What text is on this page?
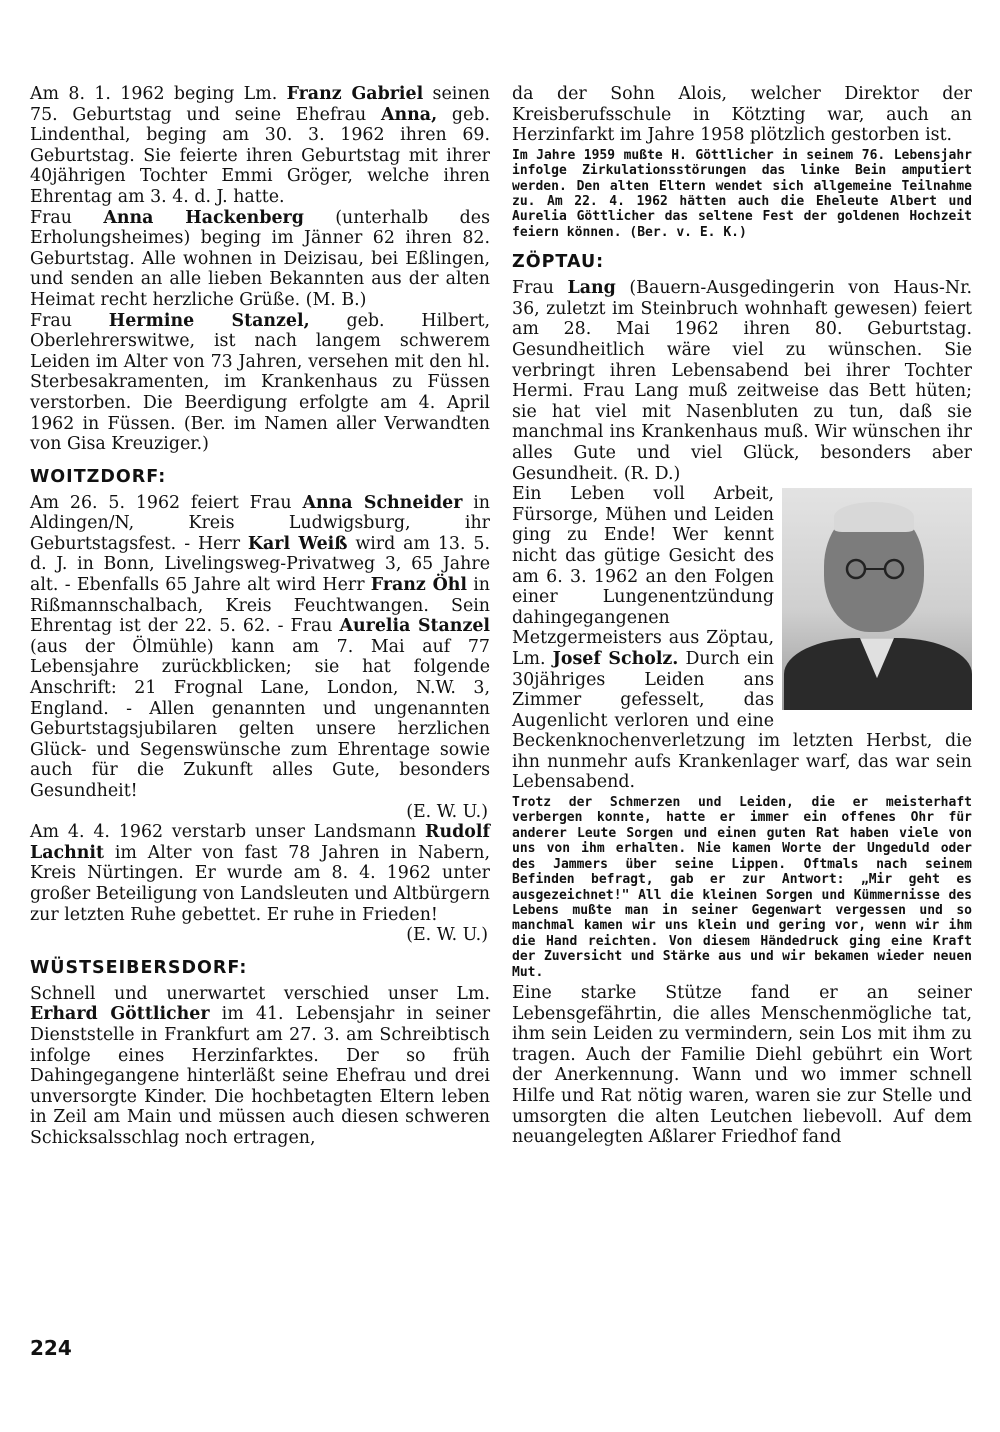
Am 8. 1. 1962 beging Lm. Franz Gabriel seinen 75. Geburtstag und seine Ehefrau Anna, geb. Lindenthal, beging am 30. 3. 1962 ihren 69. Geburtstag. Sie feierte ihren Geburtstag mit ihrer 40jährigen Tochter Emmi Gröger, welche ihren Ehrentag am 3. 4. d. J. hatte.

Frau Anna Hackenberg (unterhalb des Erholungsheimes) beging im Jänner 62 ihren 82. Geburtstag. Alle wohnen in Deizisau, bei Eßlingen, und senden an alle lieben Bekannten aus der alten Heimat recht herzliche Grüße. (M. B.)

Frau Hermine Stanzel, geb. Hilbert, Oberlehrerswitwe, ist nach langem schwerem Leiden im Alter von 73 Jahren, versehen mit den hl. Sterbesakramenten, im Krankenhaus zu Füssen verstorben. Die Beerdigung erfolgte am 4. April 1962 in Füssen. (Ber. im Namen aller Verwandten von Gisa Kreuziger.)

WOITZDORF:

Am 26. 5. 1962 feiert Frau Anna Schneider in Aldingen/N, Kreis Ludwigsburg, ihr Geburtstagsfest. - Herr Karl Weiß wird am 13. 5. d. J. in Bonn, Livelingsweg-Privatweg 3, 65 Jahre alt. - Ebenfalls 65 Jahre alt wird Herr Franz Öhl in Rißmannschalbach, Kreis Feuchtwangen. Sein Ehrentag ist der 22. 5. 62. - Frau Aurelia Stanzel (aus der Ölmühle) kann am 7. Mai auf 77 Lebensjahre zurückblicken; sie hat folgende Anschrift: 21 Frognal Lane, London, N.W. 3, England. - Allen genannten und ungenannten Geburtstagsjubilaren gelten unsere herzlichen Glück- und Segenswünsche zum Ehrentage sowie auch für die Zukunft alles Gute, besonders Gesundheit!

(E. W. U.)

Am 4. 4. 1962 verstarb unser Landsmann Rudolf Lachnit im Alter von fast 78 Jahren in Nabern, Kreis Nürtingen. Er wurde am 8. 4. 1962 unter großer Beteiligung von Landsleuten und Altbürgern zur letzten Ruhe gebettet. Er ruhe in Frieden!

(E. W. U.)

WÜSTSEIBERSDORF:

Schnell und unerwartet verschied unser Lm. Erhard Göttlicher im 41. Lebensjahr in seiner Dienststelle in Frankfurt am 27. 3. am Schreibtisch infolge eines Herzinfarktes. Der so früh Dahingegangene hinterläßt seine Ehefrau und drei unversorgte Kinder. Die hochbetagten Eltern leben in Zeil am Main und müssen auch diesen schweren Schicksalsschlag noch ertragen,

da der Sohn Alois, welcher Direktor der Kreisberufsschule in Kötzting war, auch an Herzinfarkt im Jahre 1958 plötzlich gestorben ist.

Im Jahre 1959 mußte H. Göttlicher in seinem 76. Lebensjahr infolge Zirkulationsstörungen das linke Bein amputiert werden. Den alten Eltern wendet sich allgemeine Teilnahme zu. Am 22. 4. 1962 hätten auch die Eheleute Albert und Aurelia Göttlicher das seltene Fest der goldenen Hochzeit feiern können. (Ber. v. E. K.)

ZÖPTAU:

Frau Lang (Bauern-Ausgedingerin von Haus-Nr. 36, zuletzt im Steinbruch wohnhaft gewesen) feiert am 28. Mai 1962 ihren 80. Geburtstag. Gesundheitlich wäre viel zu wünschen. Sie verbringt ihren Lebensabend bei ihrer Tochter Hermi. Frau Lang muß zeitweise das Bett hüten; sie hat viel mit Nasenbluten zu tun, daß sie manchmal ins Krankenhaus muß. Wir wünschen ihr alles Gute und viel Glück, besonders aber Gesundheit. (R. D.)

Ein Leben voll Arbeit, Fürsorge, Mühen und Leiden ging zu Ende! Wer kennt nicht das gütige Gesicht des am 6. 3. 1962 an den Folgen einer Lungenentzündung dahingegangenen Metzgermeisters aus Zöptau, Lm. Josef Scholz. Durch ein 30jähriges Leiden ans Zimmer gefesselt, das Augenlicht verloren und eine Beckenknochenverletzung im letzten Herbst, die ihn nunmehr aufs Krankenlager warf, das war sein Lebensabend.

Trotz der Schmerzen und Leiden, die er meisterhaft verbergen konnte, hatte er immer ein offenes Ohr für anderer Leute Sorgen und einen guten Rat haben viele von uns von ihm erhalten. Nie kamen Worte der Ungeduld oder des Jammers über seine Lippen. Oftmals nach seinem Befinden befragt, gab er zur Antwort: „Mir geht es ausgezeichnet!" All die kleinen Sorgen und Kümmernisse des Lebens mußte man in seiner Gegenwart vergessen und so manchmal kamen wir uns klein und gering vor, wenn wir ihm die Hand reichten. Von diesem Händedruck ging eine Kraft der Zuversicht und Stärke aus und wir bekamen wieder neuen Mut.

Eine starke Stütze fand er an seiner Lebensgefährtin, die alles Menschenmögliche tat, ihm sein Leiden zu vermindern, sein Los mit ihm zu tragen. Auch der Familie Diehl gebührt ein Wort der Anerkennung. Wann und wo immer schnell Hilfe und Rat nötig waren, waren sie zur Stelle und umsorgten die alten Leutchen liebevoll. Auf dem neuangelegten Aßlarer Friedhof fand

224
